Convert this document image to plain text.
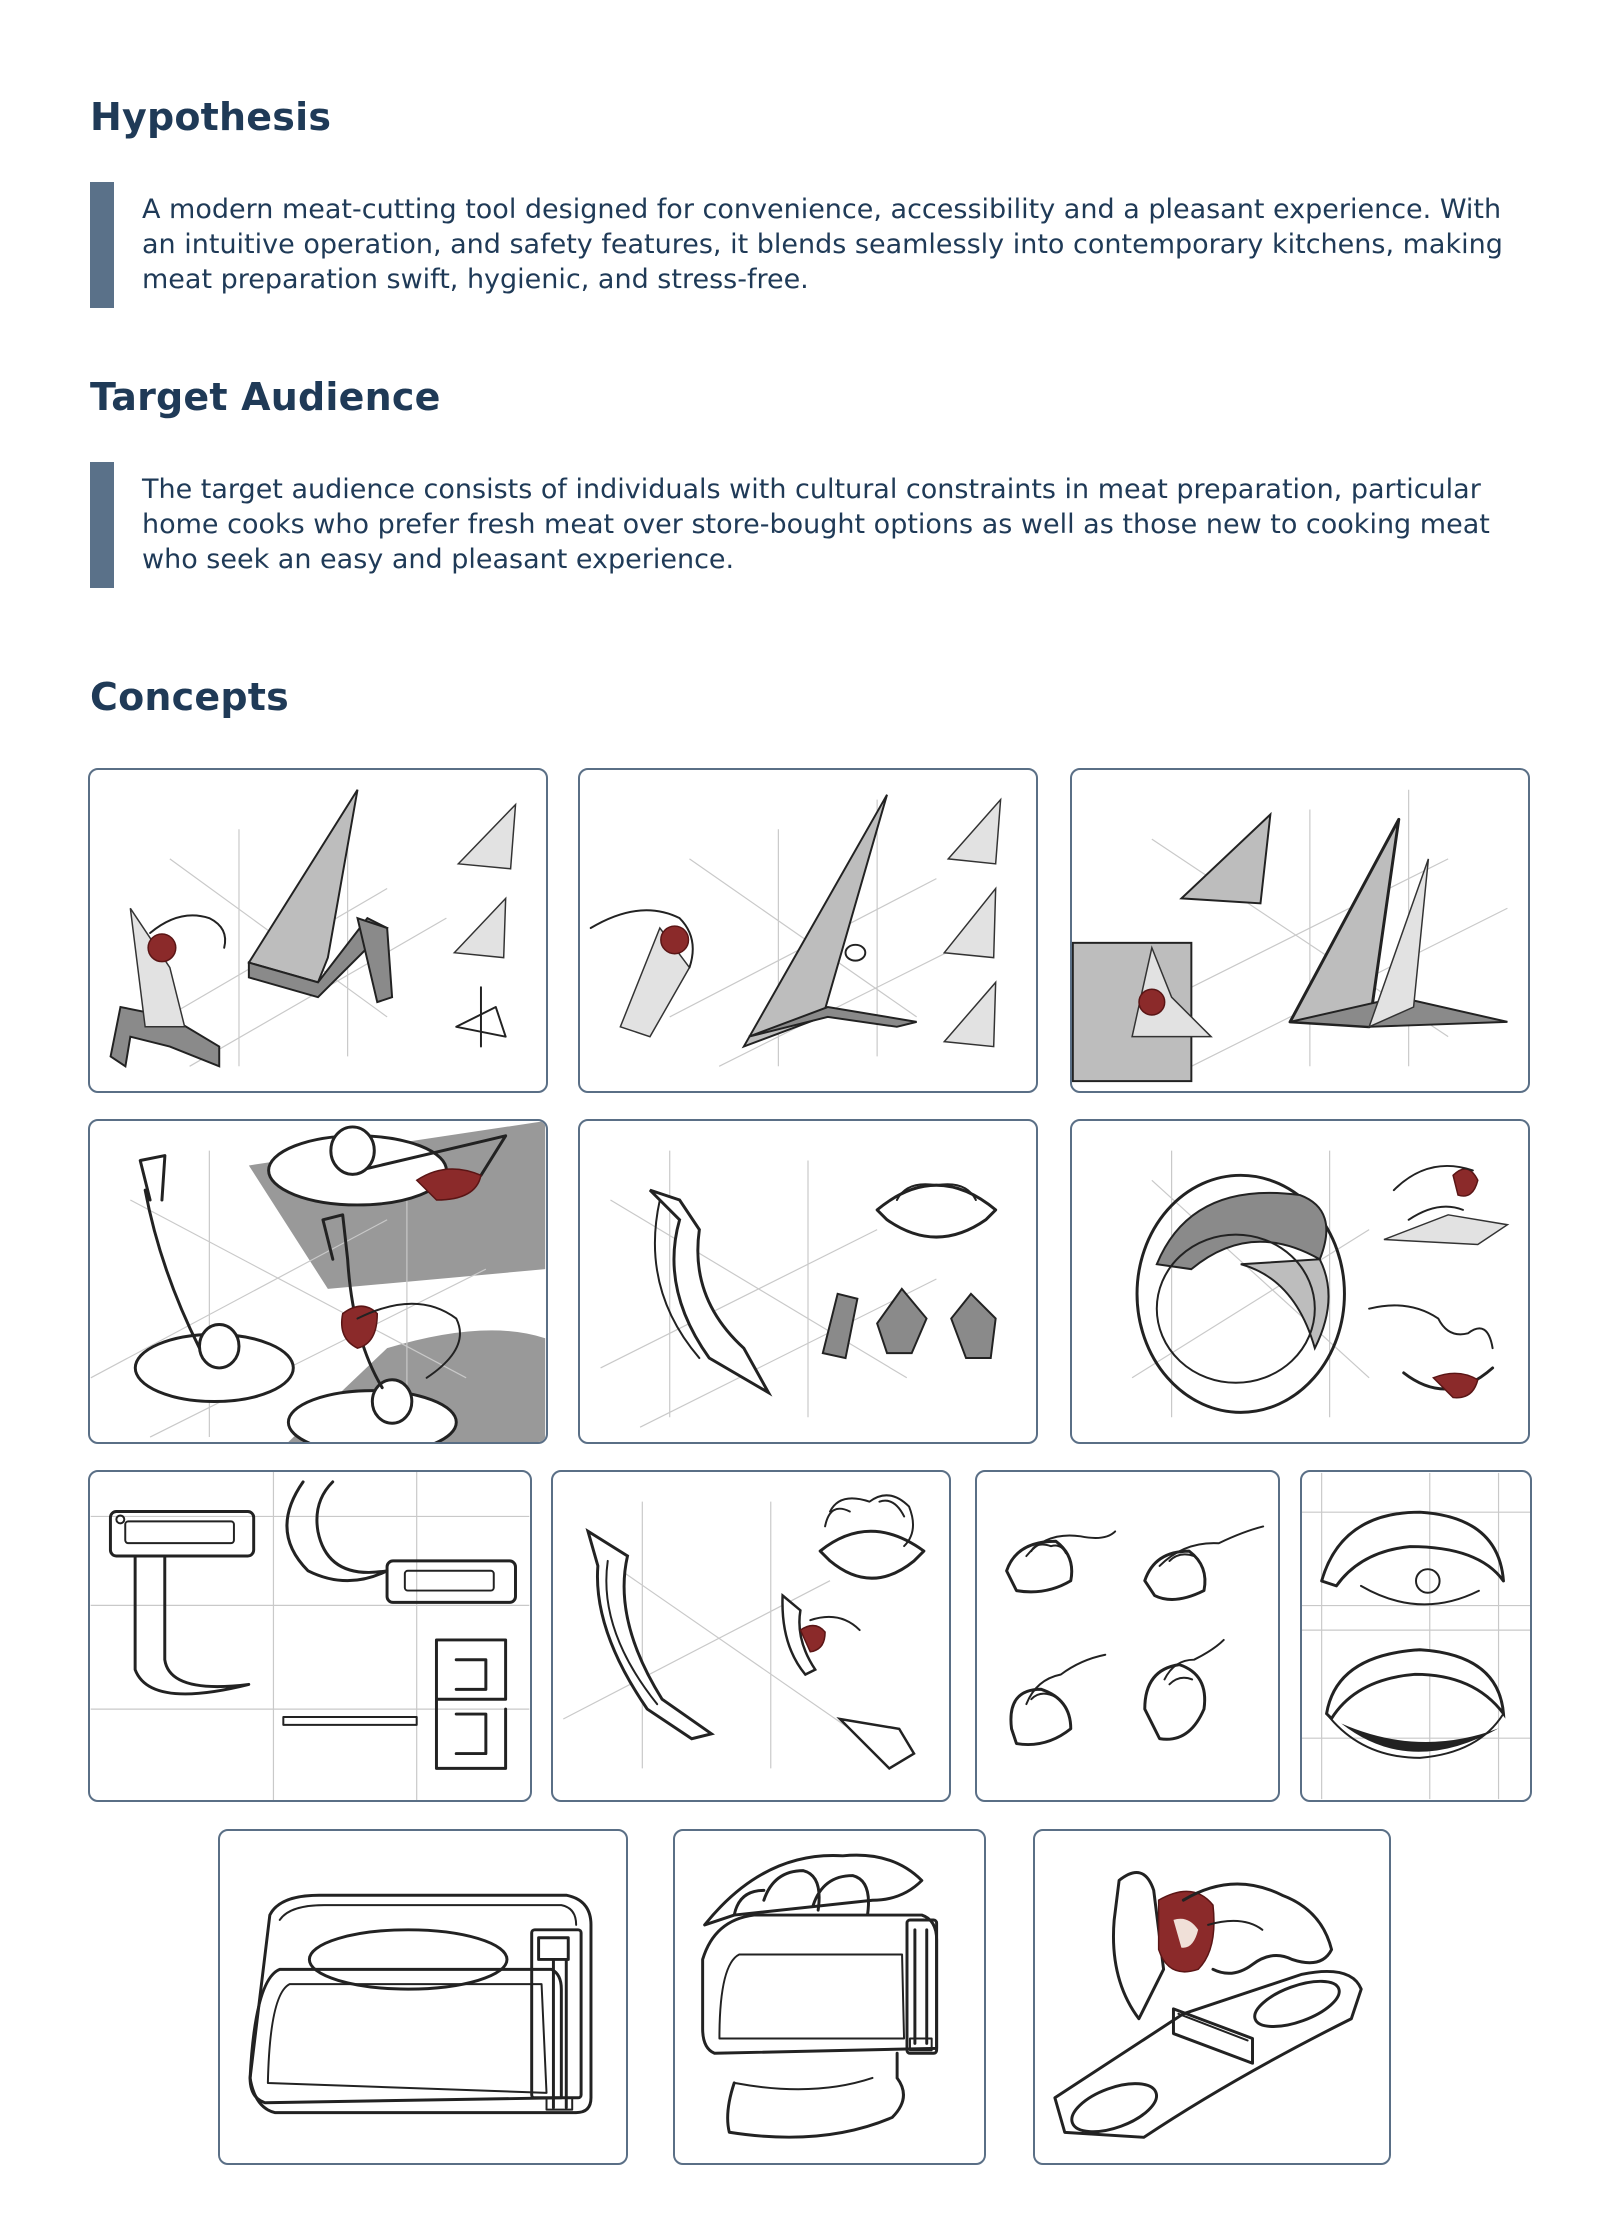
Hypothesis

A modern meat-cutting tool designed for convenience, accessibility and a pleasant experience. With an intuitive operation, and safety features, it blends seamlessly into contemporary kitchens, making meat preparation swift, hygienic, and stress-free.

Target Audience

The target audience consists of individuals with cultural constraints in meat preparation, particular home cooks who prefer fresh meat over store-bought options as well as those new to cooking meat who seek an easy and pleasant experience.

Concepts
